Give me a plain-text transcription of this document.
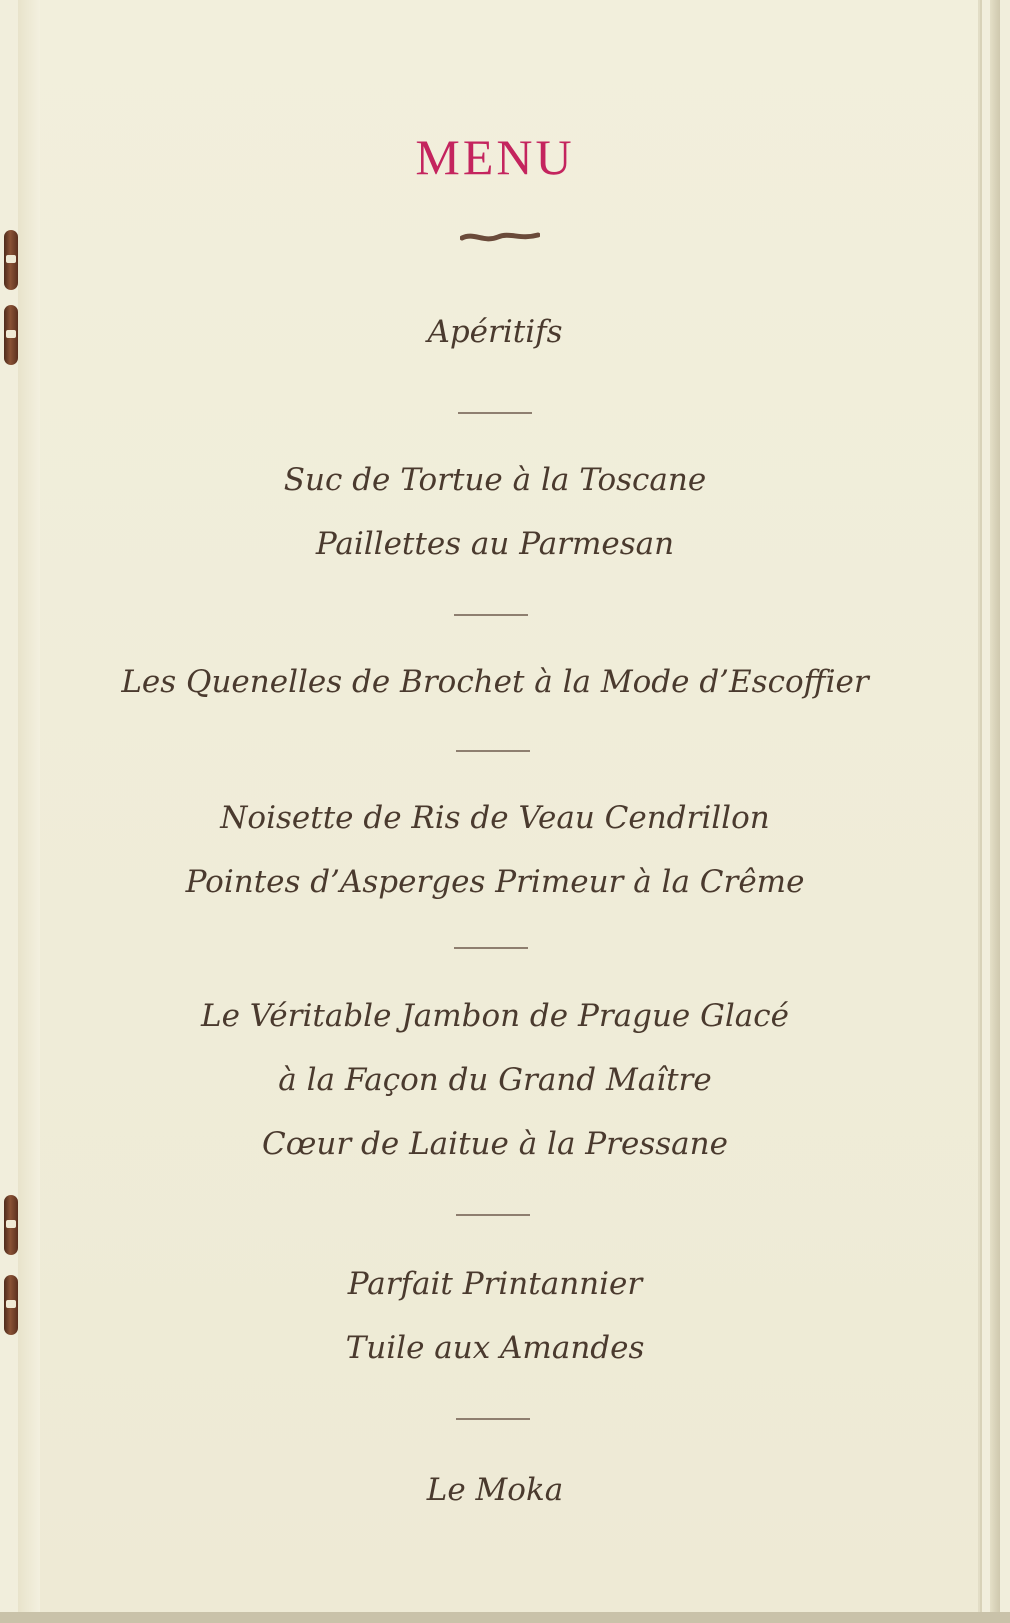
MENU
Apéritifs
Suc de Tortue à la Toscane
Paillettes au Parmesan
Les Quenelles de Brochet à la Mode d’Escoffier
Noisette de Ris de Veau Cendrillon
Pointes d’Asperges Primeur à la Crême
Le Véritable Jambon de Prague Glacé
à la Façon du Grand Maître
Cœur de Laitue à la Pressane
Parfait Printannier
Tuile aux Amandes
Le Moka
